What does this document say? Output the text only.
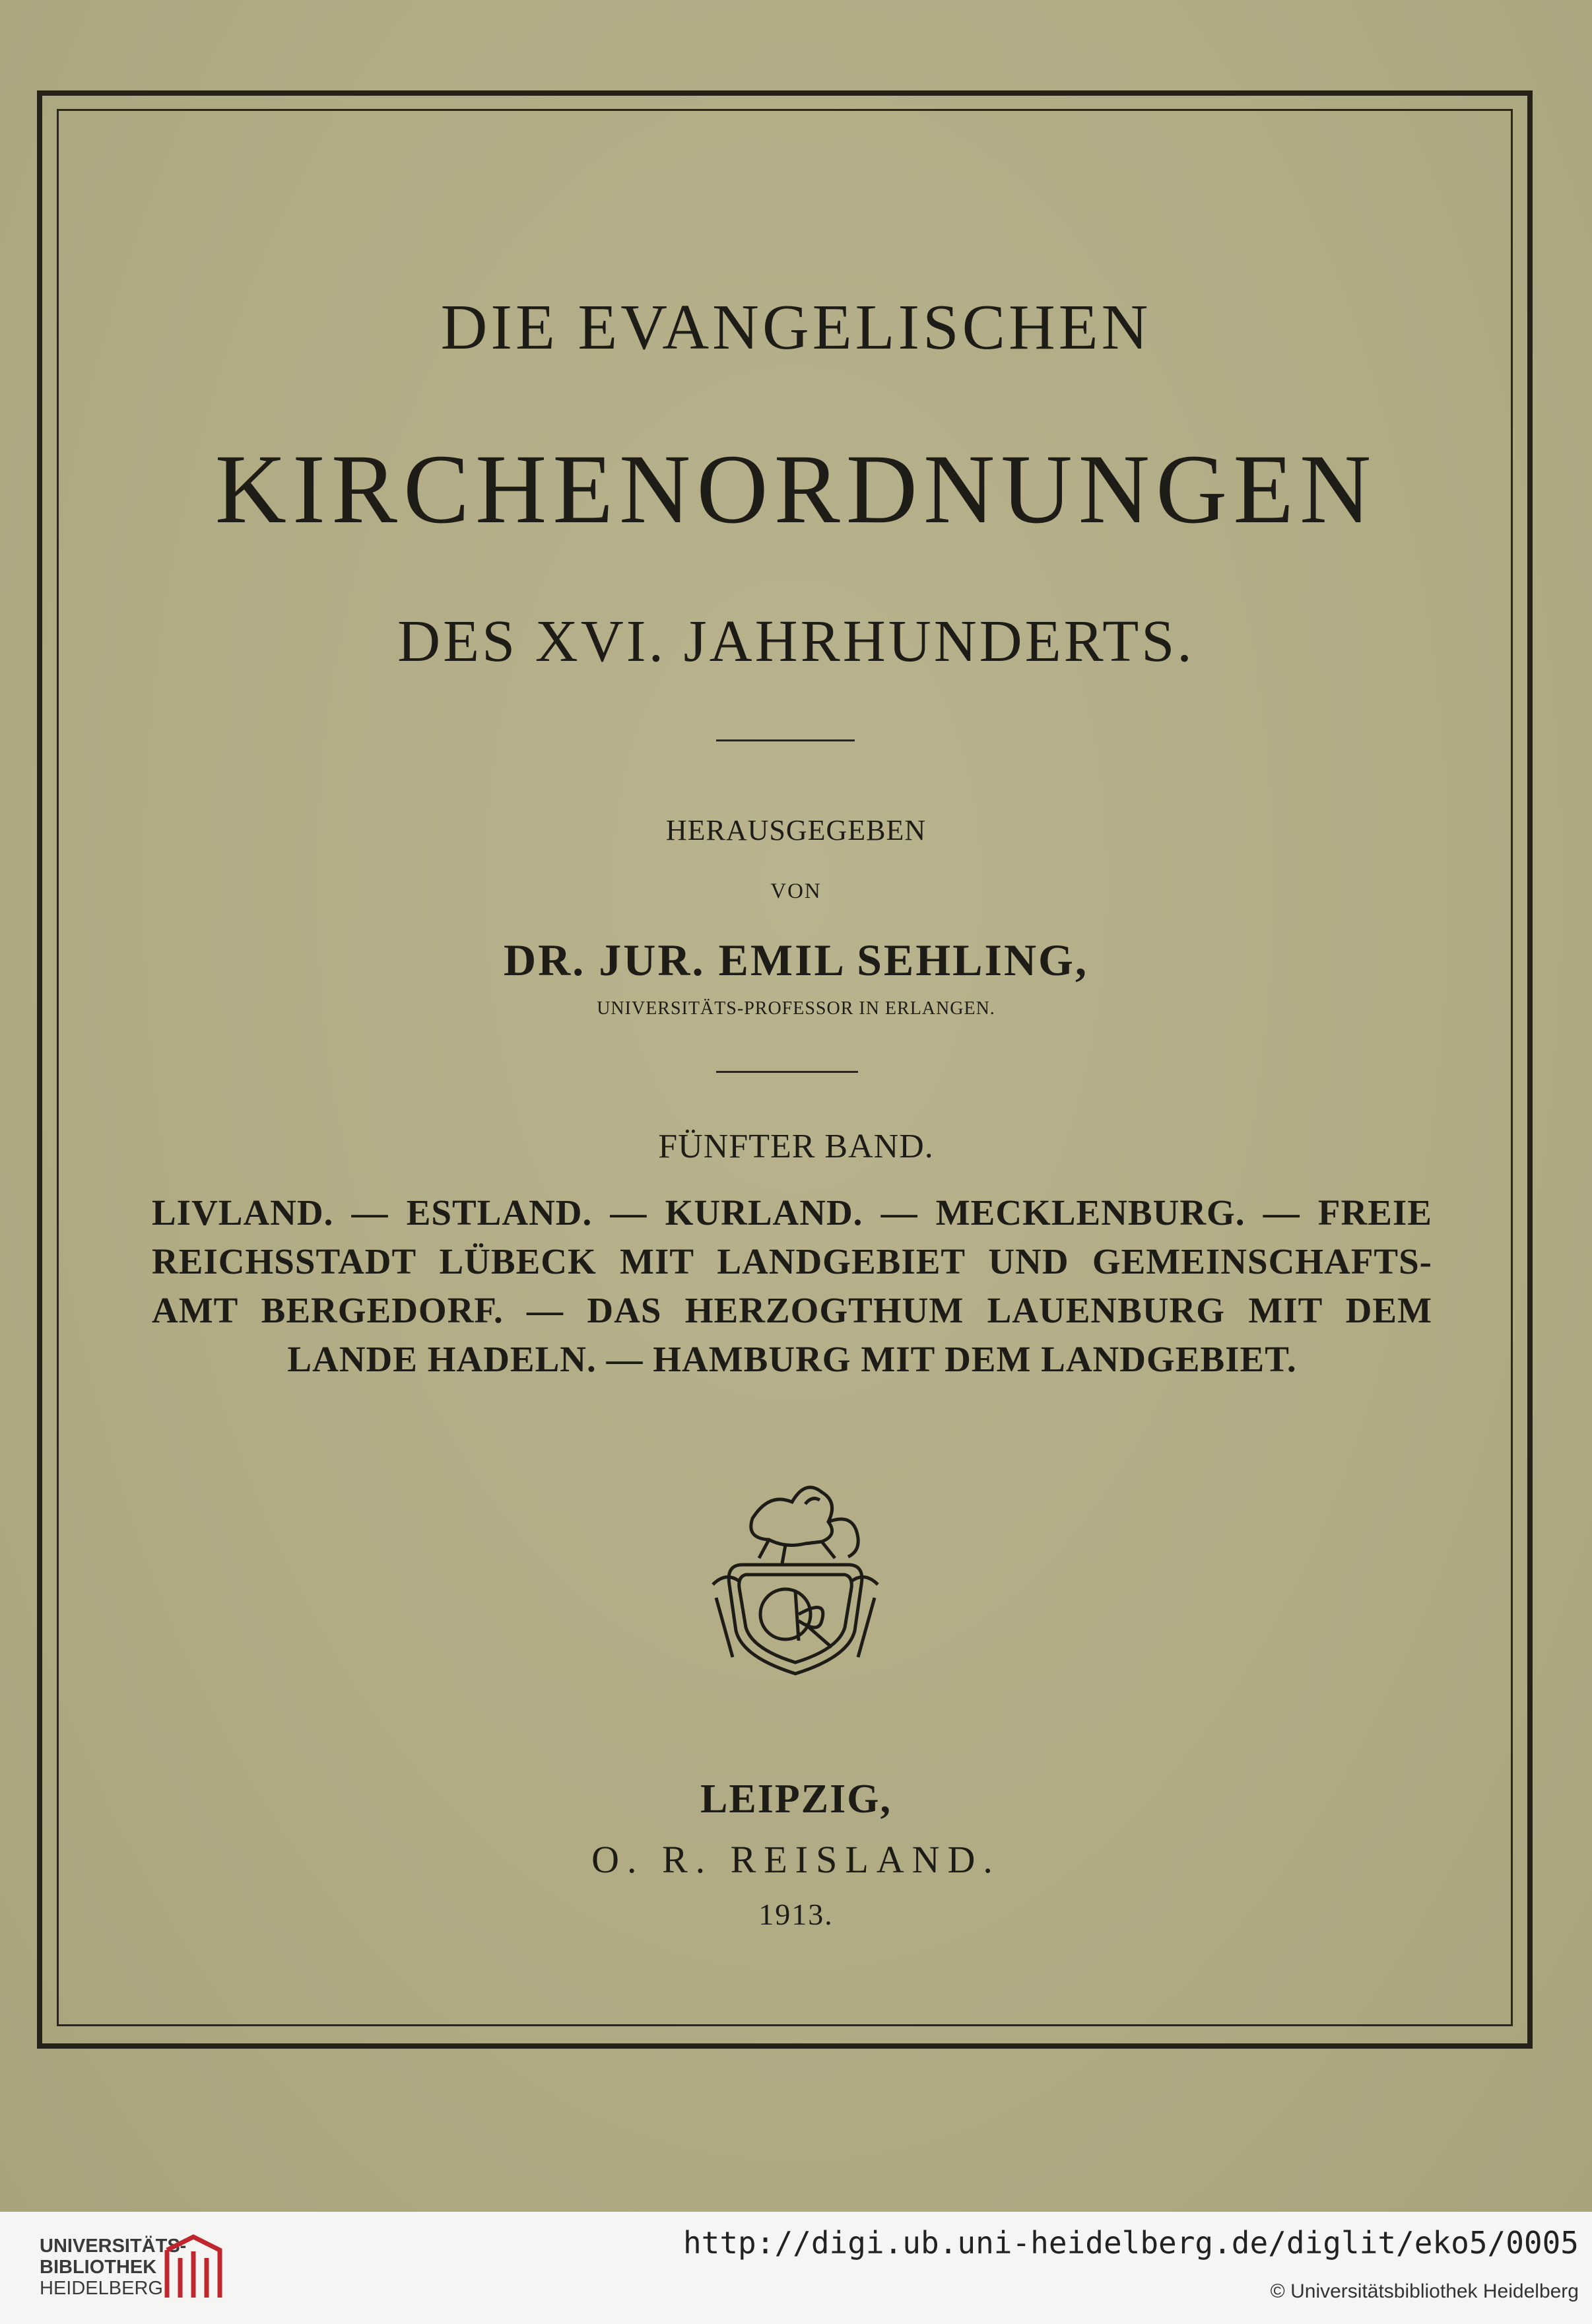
DIE EVANGELISCHEN
KIRCHENORDNUNGEN
DES XVI. JAHRHUNDERTS.
HERAUSGEGEBEN
VON
DR. JUR. EMIL SEHLING,
UNIVERSITÄTS-PROFESSOR IN ERLANGEN.
FÜNFTER BAND.
LIVLAND. — ESTLAND. — KURLAND. — MECKLENBURG. — FREIE REICHSSTADT LÜBECK MIT LANDGEBIET UND GEMEINSCHAFTS-AMT BERGEDORF. — DAS HERZOGTHUM LAUENBURG MIT DEM LANDE HADELN. — HAMBURG MIT DEM LANDGEBIET.
LEIPZIG,
O. R. REISLAND.
1913.
UNIVERSITÄTS-
BIBLIOTHEK
HEIDELBERG
http://digi.ub.uni-heidelberg.de/diglit/eko5/0005
© Universitätsbibliothek Heidelberg
